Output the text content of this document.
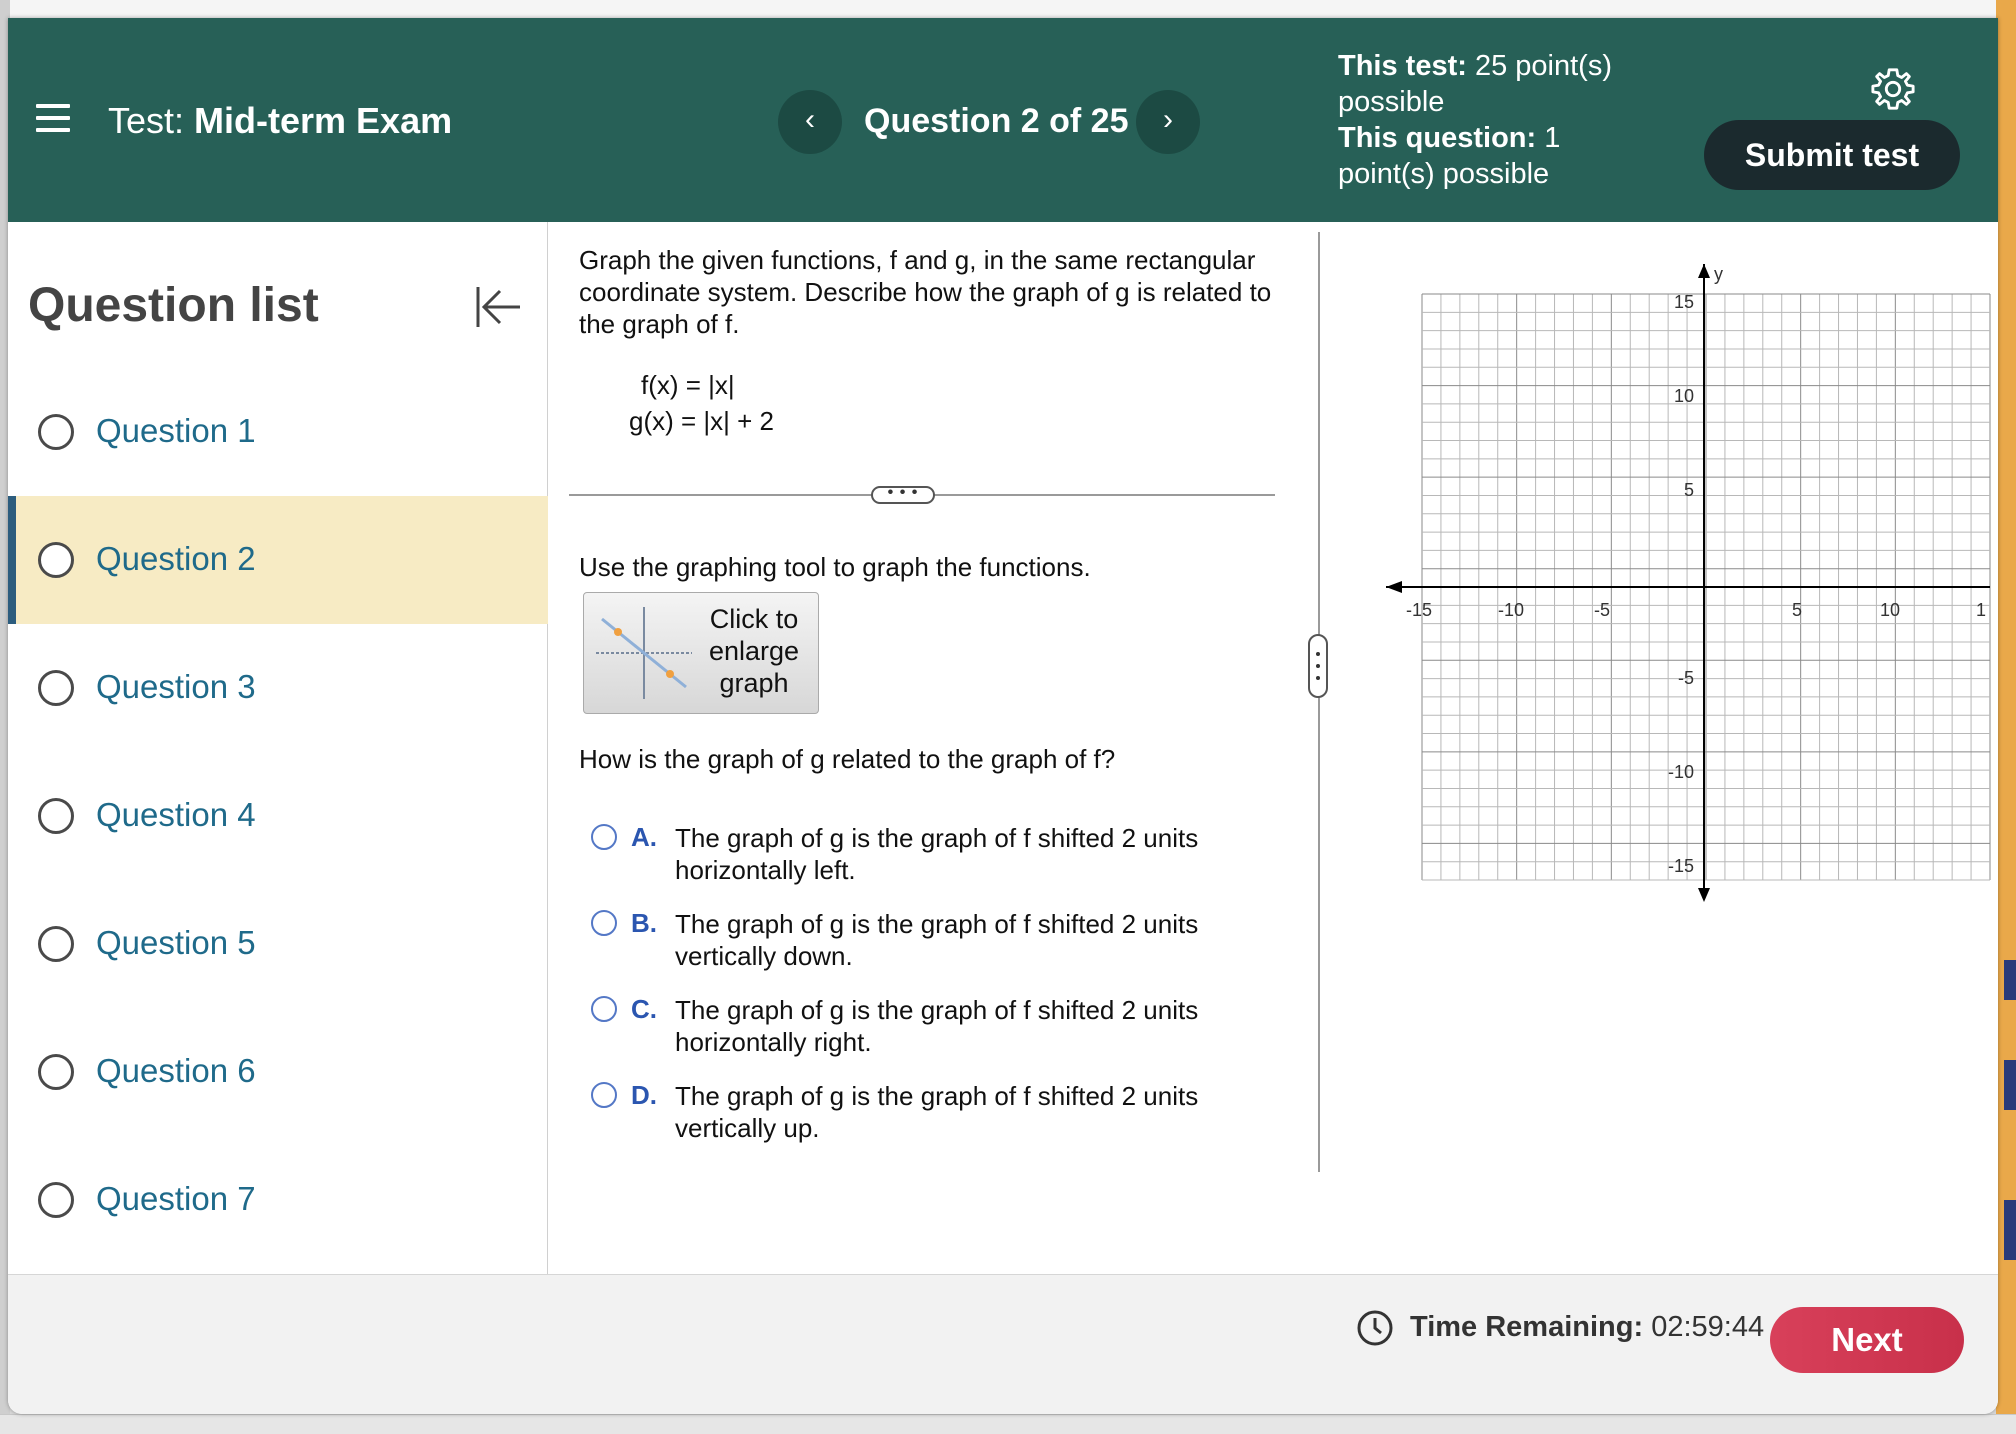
Test: Mid-term Exam	‹	Question 2 of 25	›
This test: 25 point(s) possible
This question: 1 point(s) possible
Submit test
Question list
Question 1
Question 2
Question 3
Question 4
Question 5
Question 6
Question 7
Graph the given functions, f and g, in the same rectangular coordinate system. Describe how the graph of g is related to the graph of f.
f(x) = |x|
g(x) = |x| + 2
• • •
Use the graphing tool to graph the functions.
Click to enlarge graph
How is the graph of g related to the graph of f?
A. The graph of g is the graph of f shifted 2 units horizontally left.
B. The graph of g is the graph of f shifted 2 units vertically down.
C. The graph of g is the graph of f shifted 2 units horizontally right.
D. The graph of g is the graph of f shifted 2 units vertically up.
y
-15	-10	-5	5	10	1
15
10
5
-5
-10
-15
Time Remaining: 02:59:44	Next
